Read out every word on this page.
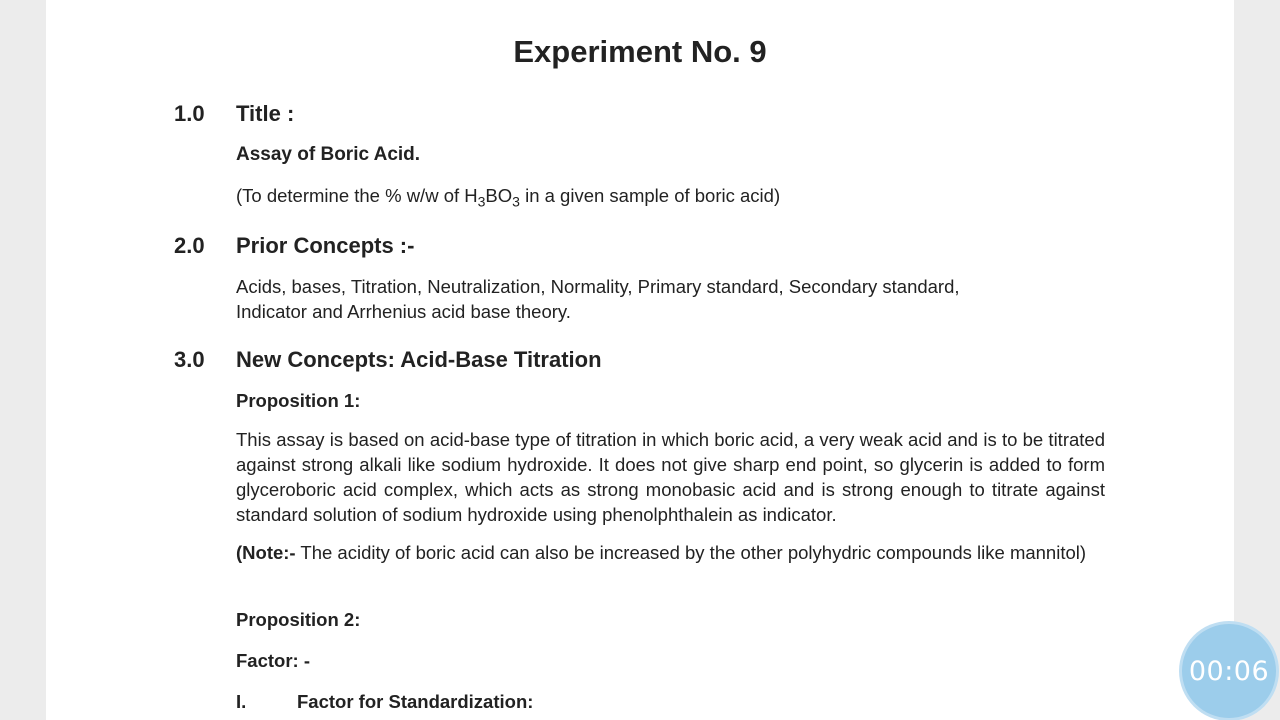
Experiment No. 9
1.0 Title :
Assay of Boric Acid.
(To determine the % w/w of $H_3BO_3$ in a given sample of boric acid)
2.0 Prior Concepts :-
Acids, bases, Titration, Neutralization, Normality, Primary standard, Secondary standard,
Indicator and Arrhenius acid base theory.
3.0 New Concepts: Acid-Base Titration
Proposition 1:
This assay is based on acid-base type of titration in which boric acid, a very weak acid and is to be titrated against strong alkali like sodium hydroxide. It does not give sharp end point, so glycerin is added to form glyceroboric acid complex, which acts as strong monobasic acid and is strong enough to titrate against standard solution of sodium hydroxide using phenolphthalein as indicator.
(Note:- The acidity of boric acid can also be increased by the other polyhydric compounds like mannitol)
Proposition 2:
Factor: -
I.	Factor for Standardization:
00:06
